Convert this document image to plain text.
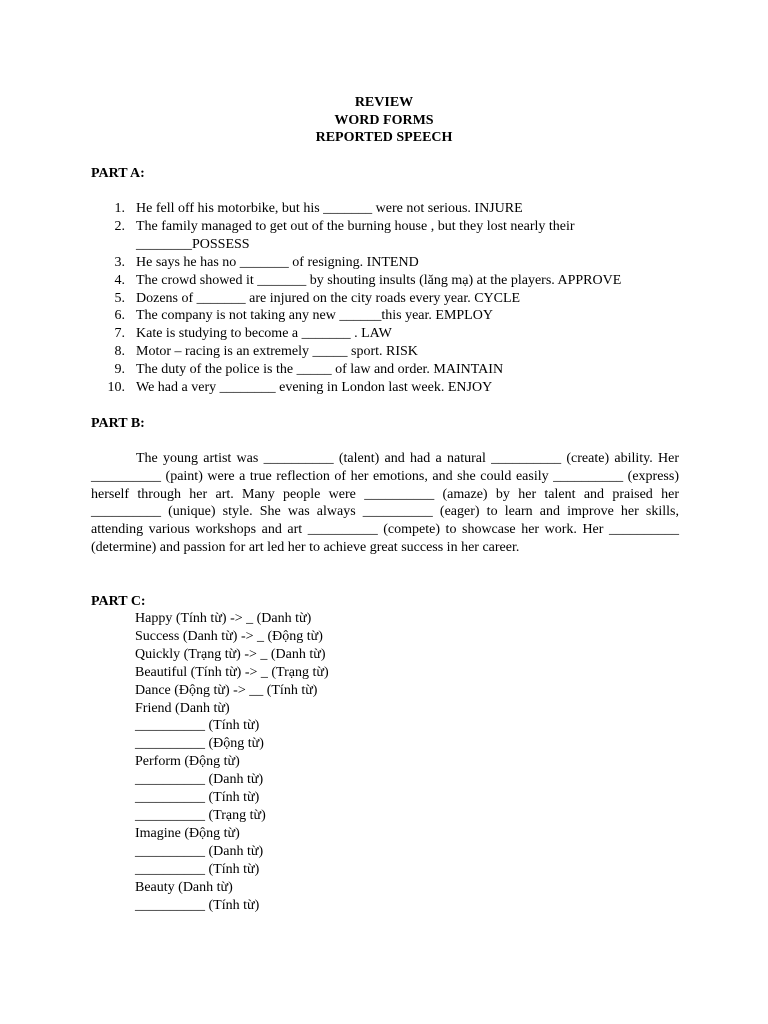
REVIEW
WORD FORMS
REPORTED SPEECH
PART A:
1. He fell off his motorbike, but his _______ were not serious. INJURE
2. The family managed to get out of the burning house , but they lost nearly their ________POSSESS
3. He says he has no _______ of resigning. INTEND
4. The crowd showed it _______ by shouting insults (lăng mạ) at the players. APPROVE
5. Dozens of _______ are injured on the city roads every year. CYCLE
6. The company is not taking any new ______this year. EMPLOY
7. Kate is studying to become a _______ . LAW
8. Motor – racing is an extremely _____ sport. RISK
9. The duty of the police is the _____ of law and order. MAINTAIN
10. We had a very ________ evening in London last week. ENJOY
PART B:

The young artist was __________ (talent) and had a natural __________ (create) ability. Her __________ (paint) were a true reflection of her emotions, and she could easily __________ (express) herself through her art. Many people were __________ (amaze) by her talent and praised her __________ (unique) style. She was always __________ (eager) to learn and improve her skills, attending various workshops and art __________ (compete) to showcase her work. Her __________ (determine) and passion for art led her to achieve great success in her career.

PART C:
Happy (Tính từ) -> _ (Danh từ)
Success (Danh từ) -> _ (Động từ)
Quickly (Trạng từ) -> _ (Danh từ)
Beautiful (Tính từ) -> _ (Trạng từ)
Dance (Động từ) -> __ (Tính từ)
Friend (Danh từ)
__________ (Tính từ)
__________ (Động từ)
Perform (Động từ)
__________ (Danh từ)
__________ (Tính từ)
__________ (Trạng từ)
Imagine (Động từ)
__________ (Danh từ)
__________ (Tính từ)
Beauty (Danh từ)
__________ (Tính từ)
